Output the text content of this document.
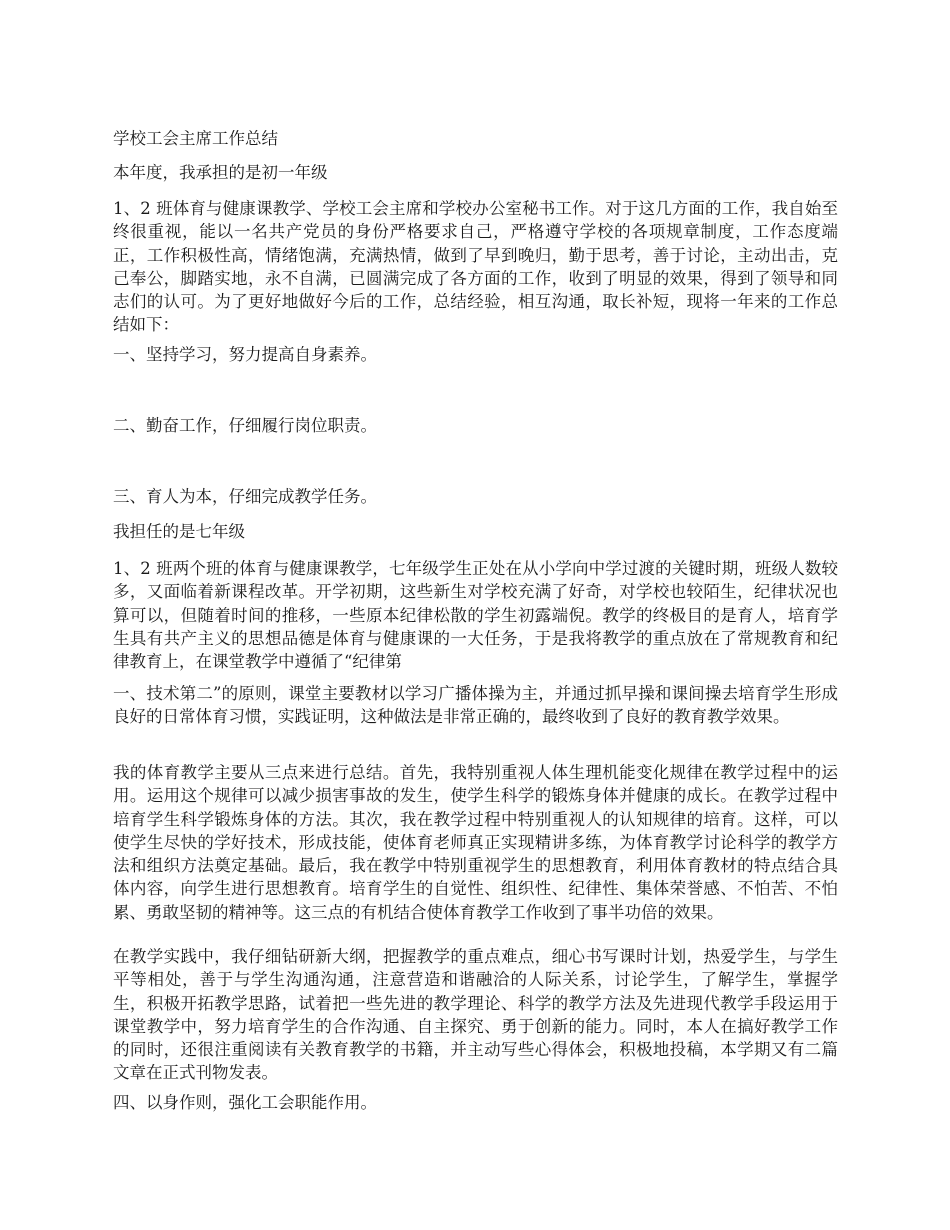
学校工会主席工作总结

本年度，我承担的是初一年级

1、2 班体育与健康课教学、学校工会主席和学校办公室秘书工作。对于这几方面的工作，我自始至终很重视，能以一名共产党员的身份严格要求自己，严格遵守学校的各项规章制度，工作态度端正，工作积极性高，情绪饱满，充满热情，做到了早到晚归，勤于思考，善于讨论，主动出击，克己奉公，脚踏实地，永不自满，已圆满完成了各方面的工作，收到了明显的效果，得到了领导和同志们的认可。为了更好地做好今后的工作，总结经验，相互沟通，取长补短，现将一年来的工作总结如下：

一、坚持学习，努力提高自身素养。

二、勤奋工作，仔细履行岗位职责。

三、育人为本，仔细完成教学任务。

我担任的是七年级

1、2 班两个班的体育与健康课教学，七年级学生正处在从小学向中学过渡的关键时期，班级人数较多，又面临着新课程改革。开学初期，这些新生对学校充满了好奇，对学校也较陌生，纪律状况也算可以，但随着时间的推移，一些原本纪律松散的学生初露端倪。教学的终极目的是育人，培育学生具有共产主义的思想品德是体育与健康课的一大任务，于是我将教学的重点放在了常规教育和纪律教育上，在课堂教学中遵循了“纪律第

一、技术第二”的原则，课堂主要教材以学习广播体操为主，并通过抓早操和课间操去培育学生形成良好的日常体育习惯，实践证明，这种做法是非常正确的，最终收到了良好的教育教学效果。

我的体育教学主要从三点来进行总结。首先，我特别重视人体生理机能变化规律在教学过程中的运用。运用这个规律可以减少损害事故的发生，使学生科学的锻炼身体并健康的成长。在教学过程中培育学生科学锻炼身体的方法。其次，我在教学过程中特别重视人的认知规律的培育。这样，可以使学生尽快的学好技术，形成技能，使体育老师真正实现精讲多练，为体育教学讨论科学的教学方法和组织方法奠定基础。最后，我在教学中特别重视学生的思想教育，利用体育教材的特点结合具体内容，向学生进行思想教育。培育学生的自觉性、组织性、纪律性、集体荣誉感、不怕苦、不怕累、勇敢坚韧的精神等。这三点的有机结合使体育教学工作收到了事半功倍的效果。

在教学实践中，我仔细钻研新大纲，把握教学的重点难点，细心书写课时计划，热爱学生，与学生平等相处，善于与学生沟通沟通，注意营造和谐融洽的人际关系，讨论学生，了解学生，掌握学生，积极开拓教学思路，试着把一些先进的教学理论、科学的教学方法及先进现代教学手段运用于课堂教学中，努力培育学生的合作沟通、自主探究、勇于创新的能力。同时，本人在搞好教学工作的同时，还很注重阅读有关教育教学的书籍，并主动写些心得体会，积极地投稿，本学期又有二篇文章在正式刊物发表。

四、以身作则，强化工会职能作用。
